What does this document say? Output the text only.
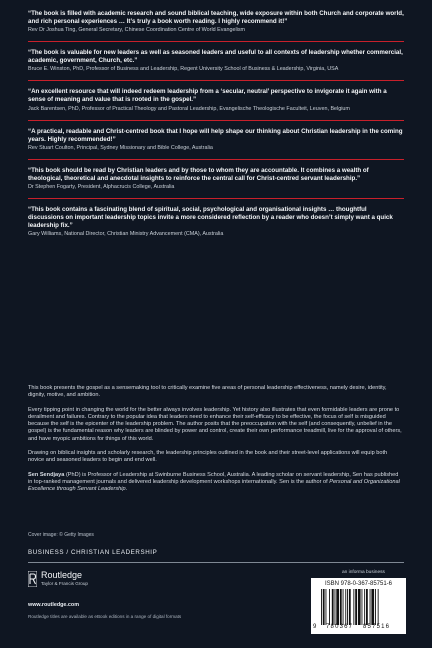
“The book is filled with academic research and sound biblical teaching, wide exposure within both Church and corporate world, and rich personal experiences … It’s truly a book worth reading. I highly recommend it!”
Rev Dr Joshua Ting, General Secretary, Chinese Coordination Centre of World Evangelism
“The book is valuable for new leaders as well as seasoned leaders and useful to all contexts of leadership whether commercial, academic, government, Church, etc.”
Bruce E. Winston, PhD, Professor of Business and Leadership, Regent University School of Business & Leadership, Virginia, USA
“An excellent resource that will indeed redeem leadership from a ‘secular, neutral’ perspective to invigorate it again with a sense of meaning and value that is rooted in the gospel.”
Jack Barentsen, PhD, Professor of Practical Theology and Pastoral Leadership, Evangelische Theologische Faculteit, Leuven, Belgium
“A practical, readable and Christ-centred book that I hope will help shape our thinking about Christian leadership in the coming years. Highly recommended!”
Rev Stuart Coulton, Principal, Sydney Missionary and Bible College, Australia
“This book should be read by Christian leaders and by those to whom they are accountable. It combines a wealth of theological, theoretical and anecdotal insights to reinforce the central call for Christ-centred servant leadership.”
Dr Stephen Fogarty, President, Alphacrucis College, Australia
“This book contains a fascinating blend of spiritual, social, psychological and organisational insights … thoughtful discussions on important leadership topics invite a more considered reflection by a reader who doesn’t simply want a quick leadership fix.”
Gary Williams, National Director, Christian Ministry Advancement (CMA), Australia

This book presents the gospel as a sensemaking tool to critically examine five areas of personal leadership effectiveness, namely desire, identity, dignity, motive, and ambition.

Every tipping point in changing the world for the better always involves leadership. Yet history also illustrates that even formidable leaders are prone to derailment and failures. Contrary to the popular idea that leaders need to enhance their self-efficacy to be effective, the focus of self is misguided because the self is the epicenter of the leadership problem. The author posits that the preoccupation with the self (and consequently, unbelief in the gospel) is the fundamental reason why leaders are blinded by power and control, create their own performance treadmill, live for the approval of others, and have myopic ambitions for things of this world.

Drawing on biblical insights and scholarly research, the leadership principles outlined in the book and their street-level applications will equip both novice and seasoned leaders to begin and end well.

Sen Sendjaya (PhD) is Professor of Leadership at Swinburne Business School, Australia. A leading scholar on servant leadership, Sen has published in top-ranked management journals and delivered leadership development workshops internationally. Sen is the author of Personal and Organizational Excellence through Servant Leadership.

Cover image: © Getty Images
BUSINESS / CHRISTIAN LEADERSHIP
Routledge
Taylor & Francis Group
www.routledge.com
Routledge titles are available as eBook editions in a range of digital formats
an informa business
ISBN 978-0-367-85751-6
9 780367 857516
